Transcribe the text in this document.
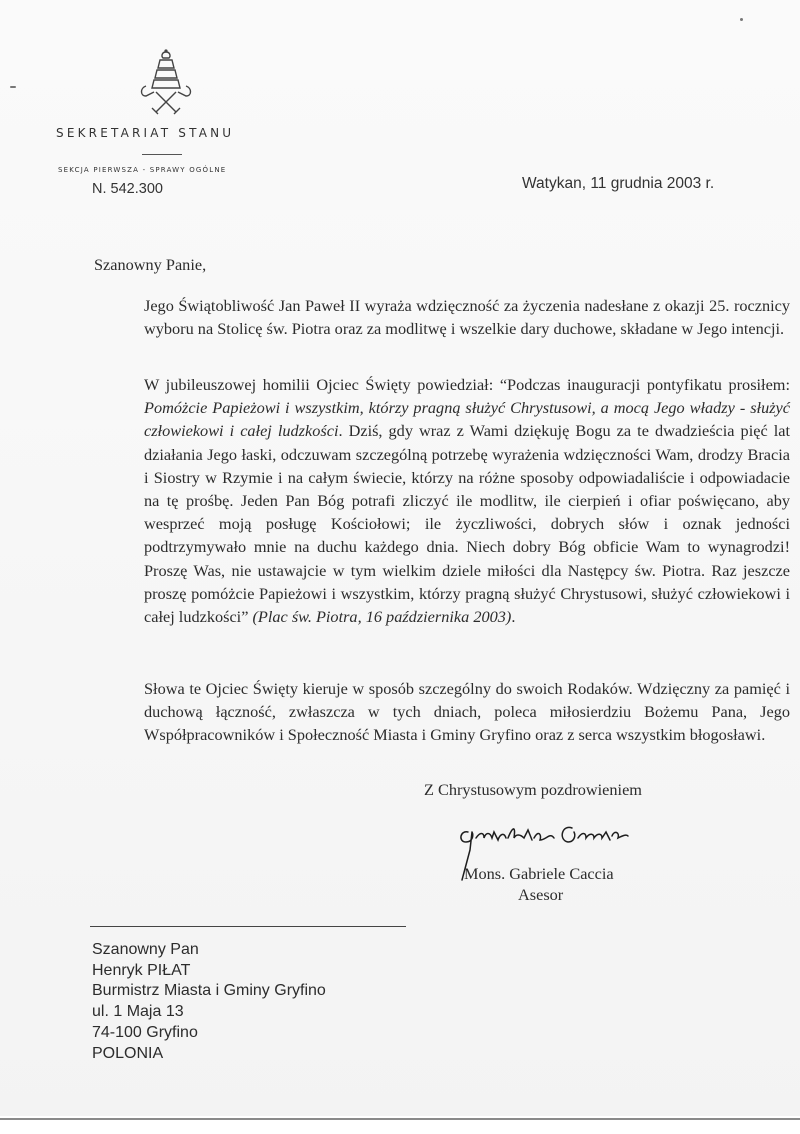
SEKRETARIAT STANU
SEKCJA PIERWSZA - SPRAWY OGÓLNE
N. 542.300	Watykan, 11 grudnia 2003 r.
Szanowny Panie,

Jego Świątobliwość Jan Paweł II wyraża wdzięczność za życzenia nadesłane z okazji 25. rocznicy wyboru na Stolicę św. Piotra oraz za modlitwę i wszelkie dary duchowe, składane w Jego intencji.

W jubileuszowej homilii Ojciec Święty powiedział: “Podczas inauguracji pontyfikatu prosiłem: Pomóżcie Papieżowi i wszystkim, którzy pragną służyć Chrystusowi, a mocą Jego władzy - służyć człowiekowi i całej ludzkości. Dziś, gdy wraz z Wami dziękuję Bogu za te dwadzieścia pięć lat działania Jego łaski, odczuwam szczególną potrzebę wyrażenia wdzięczności Wam, drodzy Bracia i Siostry w Rzymie i na całym świecie, którzy na różne sposoby odpowiadaliście i odpowiadacie na tę prośbę. Jeden Pan Bóg potrafi zliczyć ile modlitw, ile cierpień i ofiar poświęcano, aby wesprzeć moją posługę Kościołowi; ile życzliwości, dobrych słów i oznak jedności podtrzymywało mnie na duchu każdego dnia. Niech dobry Bóg obficie Wam to wynagrodzi! Proszę Was, nie ustawajcie w tym wielkim dziele miłości dla Następcy św. Piotra. Raz jeszcze proszę pomóżcie Papieżowi i wszystkim, którzy pragną służyć Chrystusowi, służyć człowiekowi i całej ludzkości” (Plac św. Piotra, 16 października 2003).

Słowa te Ojciec Święty kieruje w sposób szczególny do swoich Rodaków. Wdzięczny za pamięć i duchową łączność, zwłaszcza w tych dniach, poleca miłosierdziu Bożemu Pana, Jego Współpracowników i Społeczność Miasta i Gminy Gryfino oraz z serca wszystkim błogosławi.

Z Chrystusowym pozdrowieniem
Mons. Gabriele Caccia
Asesor
Szanowny Pan
Henryk PIŁAT
Burmistrz Miasta i Gminy Gryfino
ul. 1 Maja 13
74-100 Gryfino
POLONIA
